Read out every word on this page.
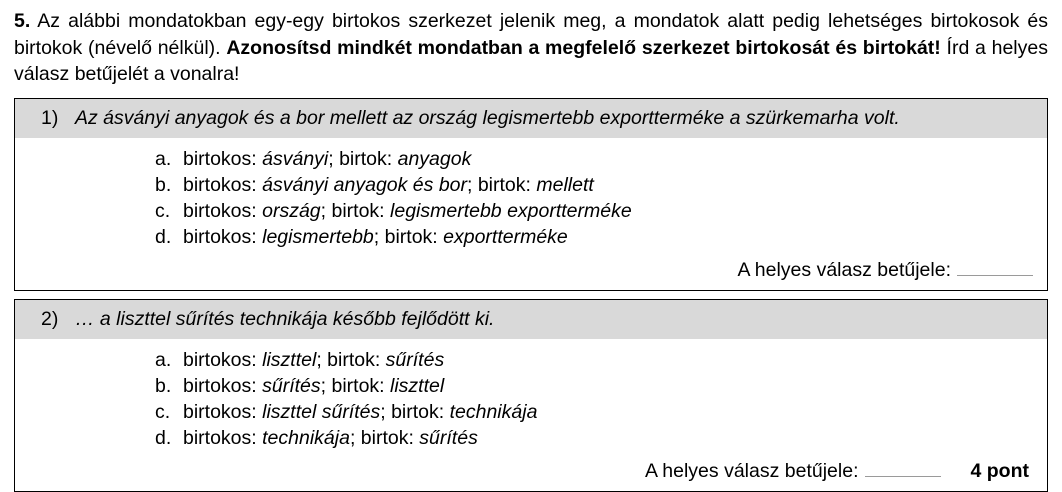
5. Az alábbi mondatokban egy-egy birtokos szerkezet jelenik meg, a mondatok alatt pedig lehetséges birtokosok és birtokok (névelő nélkül). Azonosítsd mindkét mondatban a megfelelő szerkezet birtokosát és birtokát! Írd a helyes válasz betűjelét a vonalra!

1) Az ásványi anyagok és a bor mellett az ország legismertebb exportterméke a szürkemarha volt.
a. birtokos: ásványi; birtok: anyagok
b. birtokos: ásványi anyagok és bor; birtok: mellett
c. birtokos: ország; birtok: legismertebb exportterméke
d. birtokos: legismertebb; birtok: exportterméke
A helyes válasz betűjele:
2) … a liszttel sűrítés technikája később fejlődött ki.
a. birtokos: liszttel; birtok: sűrítés
b. birtokos: sűrítés; birtok: liszttel
c. birtokos: liszttel sűrítés; birtok: technikája
d. birtokos: technikája; birtok: sűrítés
A helyes válasz betűjele:	4 pont
